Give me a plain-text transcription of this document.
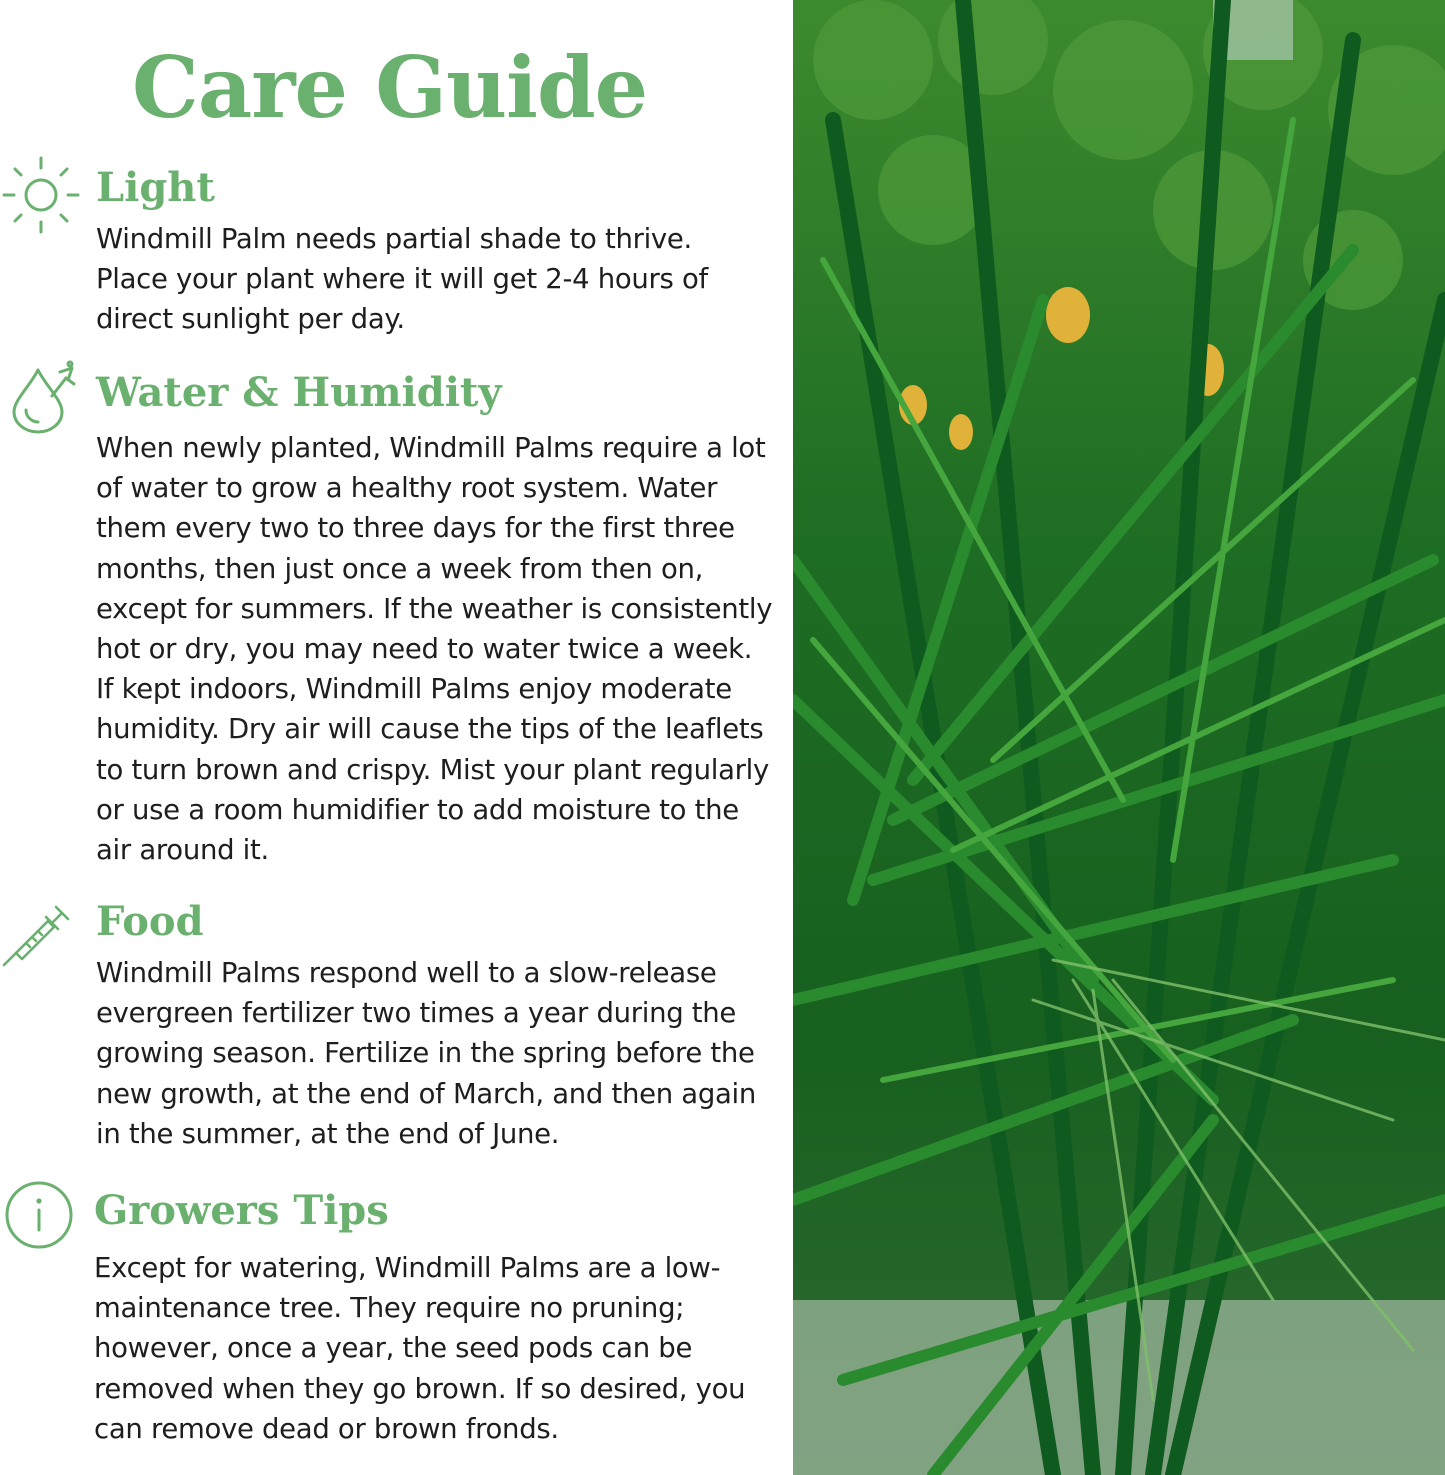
Care Guide
Light

Windmill Palm needs partial shade to thrive. Place your plant where it will get 2-4 hours of direct sunlight per day.

Water & Humidity

When newly planted, Windmill Palms require a lot of water to grow a healthy root system. Water them every two to three days for the first three months, then just once a week from then on, except for summers. If the weather is consistently hot or dry, you may need to water twice a week. If kept indoors, Windmill Palms enjoy moderate humidity. Dry air will cause the tips of the leaflets to turn brown and crispy. Mist your plant regularly or use a room humidifier to add moisture to the air around it.

Food

Windmill Palms respond well to a slow-release evergreen fertilizer two times a year during the growing season. Fertilize in the spring before the new growth, at the end of March, and then again in the summer, at the end of June.

Growers Tips

Except for watering, Windmill Palms are a low-maintenance tree. They require no pruning; however, once a year, the seed pods can be removed when they go brown. If so desired, you can remove dead or brown fronds.
